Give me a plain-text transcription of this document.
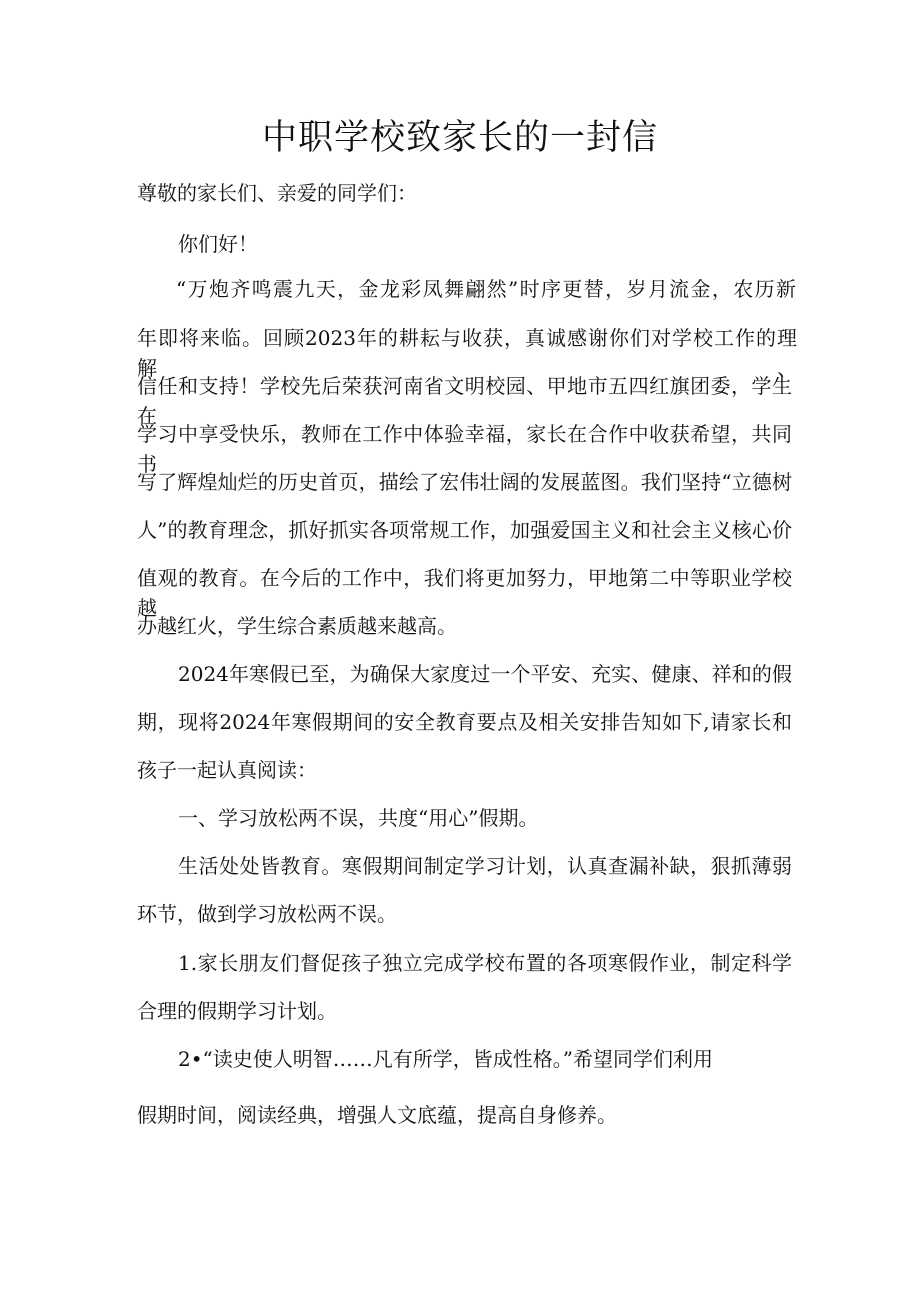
中职学校致家长的一封信

尊敬的家长们、亲爱的同学们：

你们好！

“万炮齐鸣震九天，金龙彩凤舞翩然”时序更替，岁月流金，农历新

年即将来临。回顾2023年的耕耘与收获，真诚感谢你们对学校工作的理解、

信任和支持！学校先后荣获河南省文明校园、甲地市五四红旗团委，学生在

学习中享受快乐，教师在工作中体验幸福，家长在合作中收获希望，共同书

写了辉煌灿烂的历史首页，描绘了宏伟壮阔的发展蓝图。我们坚持“立德树

人”的教育理念，抓好抓实各项常规工作，加强爱国主义和社会主义核心价

值观的教育。在今后的工作中，我们将更加努力，甲地第二中等职业学校越

办越红火，学生综合素质越来越高。

2024年寒假已至，为确保大家度过一个平安、充实、健康、祥和的假

期，现将2024年寒假期间的安全教育要点及相关安排告知如下,请家长和

孩子一起认真阅读：

一、学习放松两不误，共度“用心”假期。

生活处处皆教育。寒假期间制定学习计划，认真查漏补缺，狠抓薄弱

环节，做到学习放松两不误。

1.家长朋友们督促孩子独立完成学校布置的各项寒假作业，制定科学

合理的假期学习计划。

2•“读史使人明智……凡有所学，皆成性格。”希望同学们利用

假期时间，阅读经典，增强人文底蕴，提高自身修养。
